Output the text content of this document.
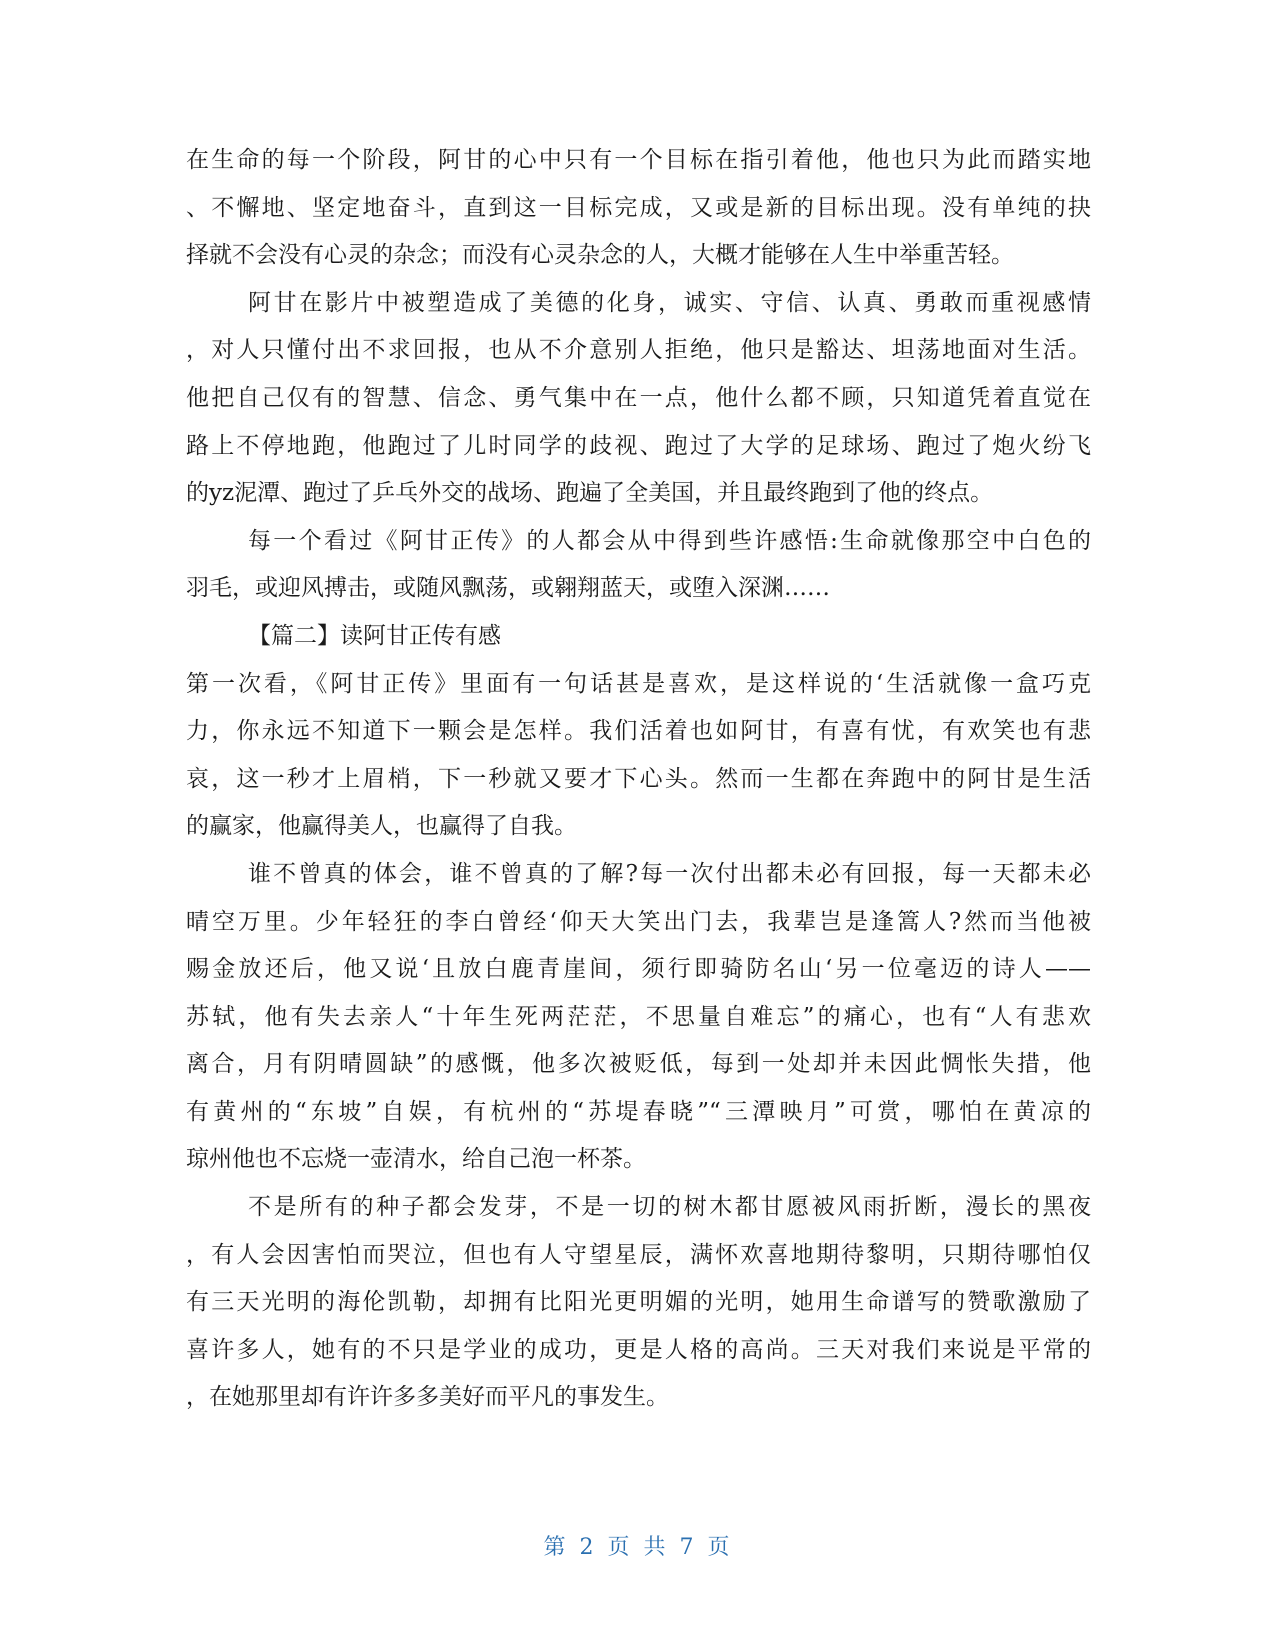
在生命的每一个阶段，阿甘的心中只有一个目标在指引着他，他也只为此而踏实地
、不懈地、坚定地奋斗，直到这一目标完成，又或是新的目标出现。没有单纯的抉
择就不会没有心灵的杂念；而没有心灵杂念的人，大概才能够在人生中举重苦轻。
阿甘在影片中被塑造成了美德的化身，诚实、守信、认真、勇敢而重视感情
，对人只懂付出不求回报，也从不介意别人拒绝，他只是豁达、坦荡地面对生活。
他把自己仅有的智慧、信念、勇气集中在一点，他什么都不顾，只知道凭着直觉在
路上不停地跑，他跑过了儿时同学的歧视、跑过了大学的足球场、跑过了炮火纷飞
的yz泥潭、跑过了乒乓外交的战场、跑遍了全美国，并且最终跑到了他的终点。
每一个看过《阿甘正传》的人都会从中得到些许感悟:生命就像那空中白色的
羽毛，或迎风搏击，或随风飘荡，或翱翔蓝天，或堕入深渊……
【篇二】读阿甘正传有感
第一次看，《阿甘正传》里面有一句话甚是喜欢，是这样说的‘生活就像一盒巧克
力，你永远不知道下一颗会是怎样。我们活着也如阿甘，有喜有忧，有欢笑也有悲
哀，这一秒才上眉梢，下一秒就又要才下心头。然而一生都在奔跑中的阿甘是生活
的赢家，他赢得美人，也赢得了自我。
谁不曾真的体会，谁不曾真的了解?每一次付出都未必有回报，每一天都未必
晴空万里。少年轻狂的李白曾经‘仰天大笑出门去，我辈岂是逢篙人?然而当他被
赐金放还后，他又说‘且放白鹿青崖间，须行即骑防名山‘另一位毫迈的诗人——
苏轼，他有失去亲人“十年生死两茫茫，不思量自难忘”的痛心，也有“人有悲欢
离合，月有阴晴圆缺”的感慨，他多次被贬低，每到一处却并未因此惆怅失措，他
有黄州的“东坡”自娱，有杭州的“苏堤春晓”“三潭映月”可赏，哪怕在黄凉的
琼州他也不忘烧一壶清水，给自己泡一杯茶。
不是所有的种子都会发芽，不是一切的树木都甘愿被风雨折断，漫长的黑夜
，有人会因害怕而哭泣，但也有人守望星辰，满怀欢喜地期待黎明，只期待哪怕仅
有三天光明的海伦凯勒，却拥有比阳光更明媚的光明，她用生命谱写的赞歌激励了
喜许多人，她有的不只是学业的成功，更是人格的高尚。三天对我们来说是平常的
，在她那里却有许许多多美好而平凡的事发生。
第 2 页 共 7 页
